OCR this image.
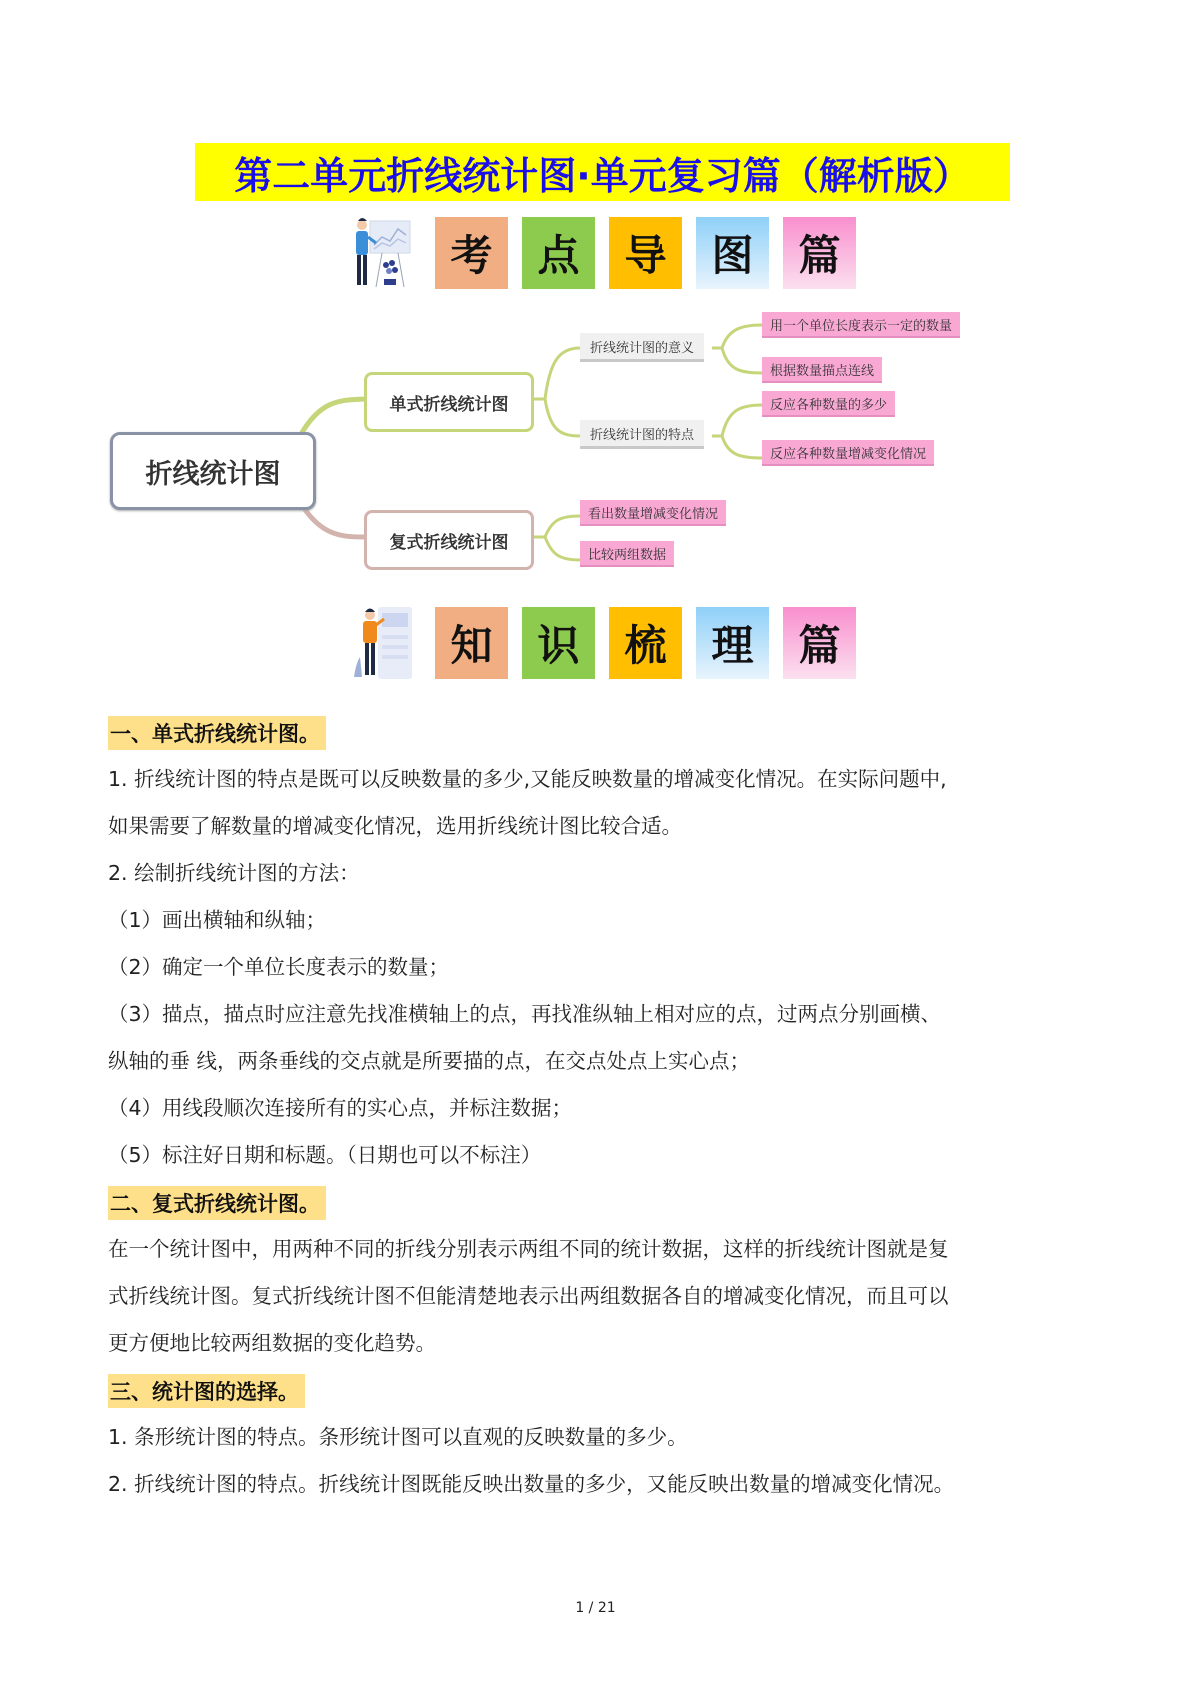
第二单元折线统计图·单元复习篇（解析版）
考	点	导	图	篇
折线统计图
单式折线统计图
复式折线统计图
折线统计图的意义
折线统计图的特点
用一个单位长度表示一定的数量
根据数量描点连线
反应各种数量的多少
反应各种数量增减变化情况
看出数量增减变化情况
比较两组数据
知	识	梳	理	篇
一、单式折线统计图。
1. 折线统计图的特点是既可以反映数量的多少,又能反映数量的增减变化情况。在实际问题中,
如果需要了解数量的增减变化情况，选用折线统计图比较合适。
2. 绘制折线统计图的方法：
（1）画出横轴和纵轴；
（2）确定一个单位长度表示的数量；
（3）描点，描点时应注意先找准横轴上的点，再找准纵轴上相对应的点，过两点分别画横、
纵轴的垂 线，两条垂线的交点就是所要描的点，在交点处点上实心点；
（4）用线段顺次连接所有的实心点，并标注数据；
（5）标注好日期和标题。（日期也可以不标注）
二、复式折线统计图。
在一个统计图中，用两种不同的折线分别表示两组不同的统计数据，这样的折线统计图就是复
式折线统计图。复式折线统计图不但能清楚地表示出两组数据各自的增减变化情况，而且可以
更方便地比较两组数据的变化趋势。
三、统计图的选择。
1. 条形统计图的特点。条形统计图可以直观的反映数量的多少。
2. 折线统计图的特点。折线统计图既能反映出数量的多少，又能反映出数量的增减变化情况。
1 / 21
